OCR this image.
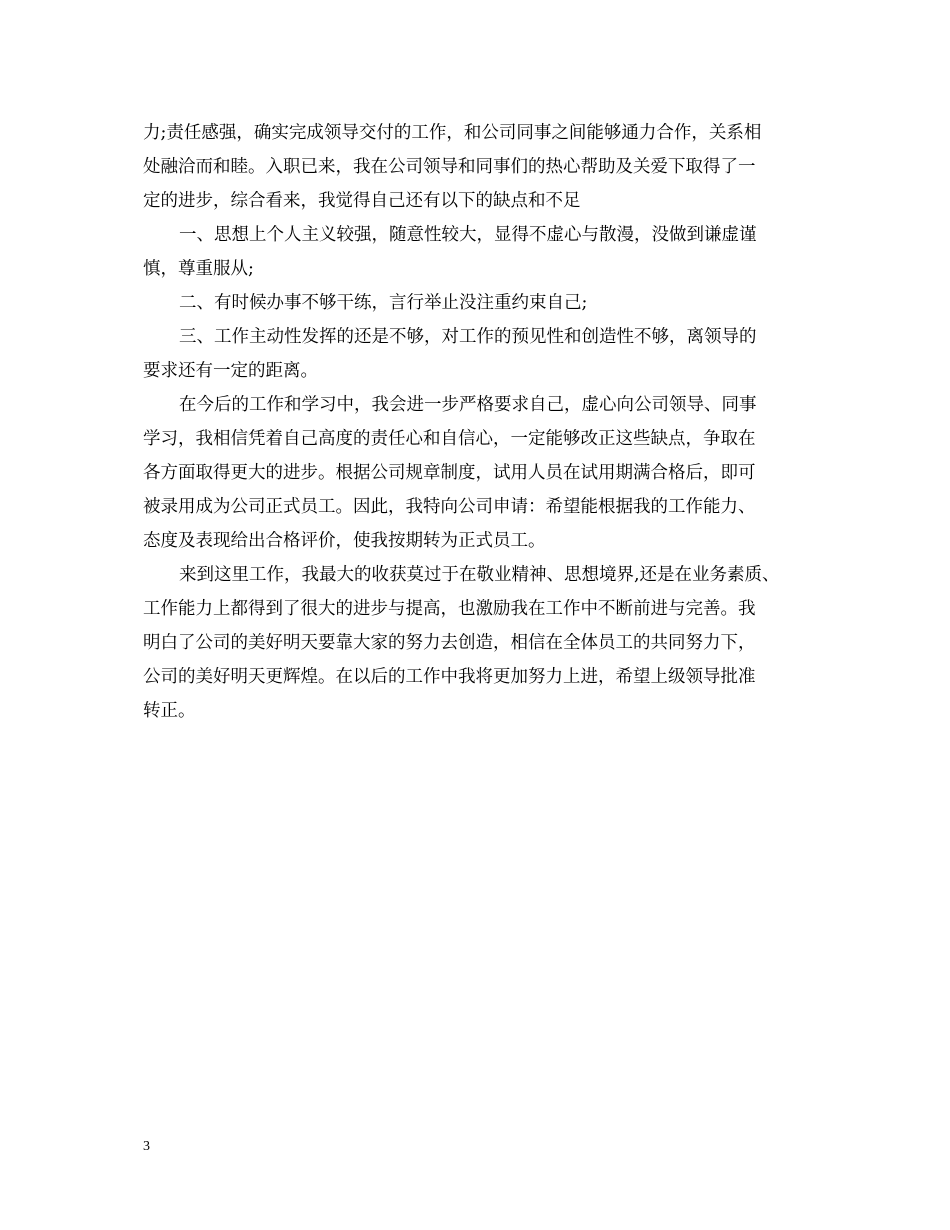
力;责任感强，确实完成领导交付的工作，和公司同事之间能够通力合作，关系相
处融洽而和睦。入职已来，我在公司领导和同事们的热心帮助及关爱下取得了一
定的进步，综合看来，我觉得自己还有以下的缺点和不足
一、思想上个人主义较强，随意性较大，显得不虚心与散漫，没做到谦虚谨
慎，尊重服从;
二、有时候办事不够干练，言行举止没注重约束自己;
三、工作主动性发挥的还是不够，对工作的预见性和创造性不够，离领导的
要求还有一定的距离。
在今后的工作和学习中，我会进一步严格要求自己，虚心向公司领导、同事
学习，我相信凭着自己高度的责任心和自信心，一定能够改正这些缺点，争取在
各方面取得更大的进步。根据公司规章制度，试用人员在试用期满合格后，即可
被录用成为公司正式员工。因此，我特向公司申请：希望能根据我的工作能力、
态度及表现给出合格评价，使我按期转为正式员工。
来到这里工作，我最大的收获莫过于在敬业精神、思想境界,还是在业务素质、
工作能力上都得到了很大的进步与提高，也激励我在工作中不断前进与完善。我
明白了公司的美好明天要靠大家的努力去创造，相信在全体员工的共同努力下，
公司的美好明天更辉煌。在以后的工作中我将更加努力上进，希望上级领导批准
转正。
3
